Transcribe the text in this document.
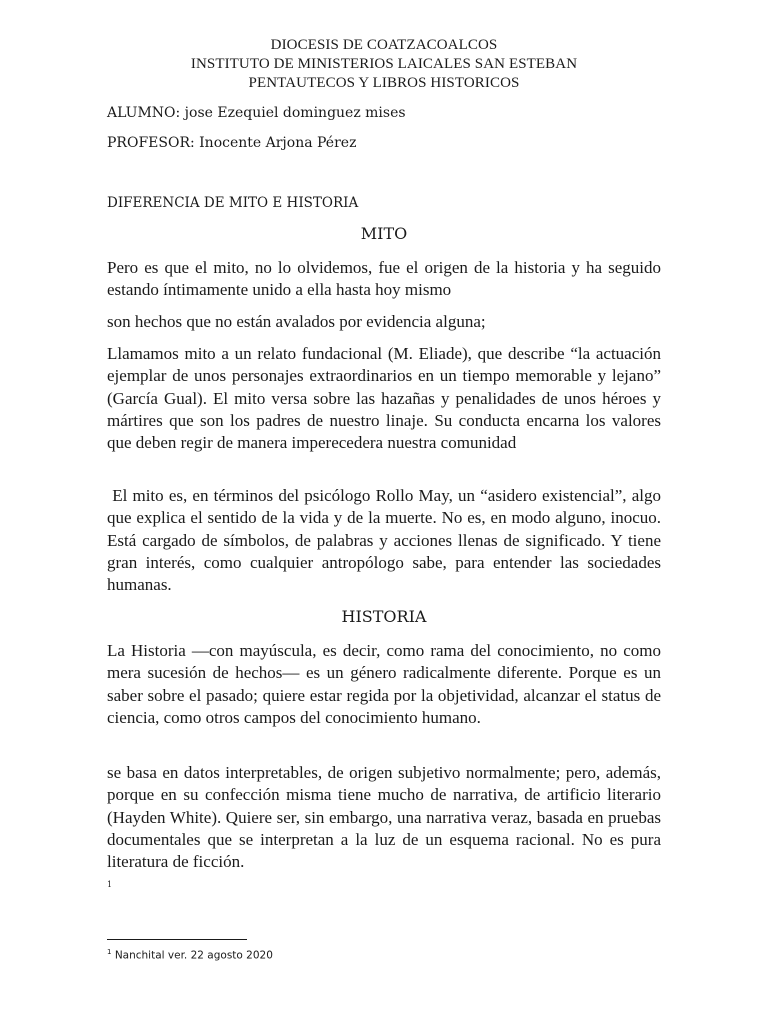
DIOCESIS DE COATZACOALCOS
INSTITUTO DE MINISTERIOS LAICALES SAN ESTEBAN
PENTAUTECOS Y LIBROS HISTORICOS
ALUMNO: jose Ezequiel dominguez mises
PROFESOR: Inocente Arjona Pérez
DIFERENCIA DE MITO E HISTORIA
MITO

Pero es que el mito, no lo olvidemos, fue el origen de la historia y ha seguido estando íntimamente unido a ella hasta hoy mismo

son hechos que no están avalados por evidencia alguna;

Llamamos mito a un relato fundacional (M. Eliade), que describe “la actuación ejemplar de unos personajes extraordinarios en un tiempo memorable y lejano” (García Gual). El mito versa sobre las hazañas y penalidades de unos héroes y mártires que son los padres de nuestro linaje. Su conducta encarna los valores que deben regir de manera imperecedera nuestra comunidad

El mito es, en términos del psicólogo Rollo May, un “asidero existencial”, algo que explica el sentido de la vida y de la muerte. No es, en modo alguno, inocuo. Está cargado de símbolos, de palabras y acciones llenas de significado. Y tiene gran interés, como cualquier antropólogo sabe, para entender las sociedades humanas.

HISTORIA

La Historia —con mayúscula, es decir, como rama del conocimiento, no como mera sucesión de hechos— es un género radicalmente diferente. Porque es un saber sobre el pasado; quiere estar regida por la objetividad, alcanzar el status de ciencia, como otros campos del conocimiento humano.

se basa en datos interpretables, de origen subjetivo normalmente; pero, además, porque en su confección misma tiene mucho de narrativa, de artificio literario (Hayden White). Quiere ser, sin embargo, una narrativa veraz, basada en pruebas documentales que se interpretan a la luz de un esquema racional. No es pura literatura de ficción.

1
$^1$ Nanchital ver. 22 agosto 2020
